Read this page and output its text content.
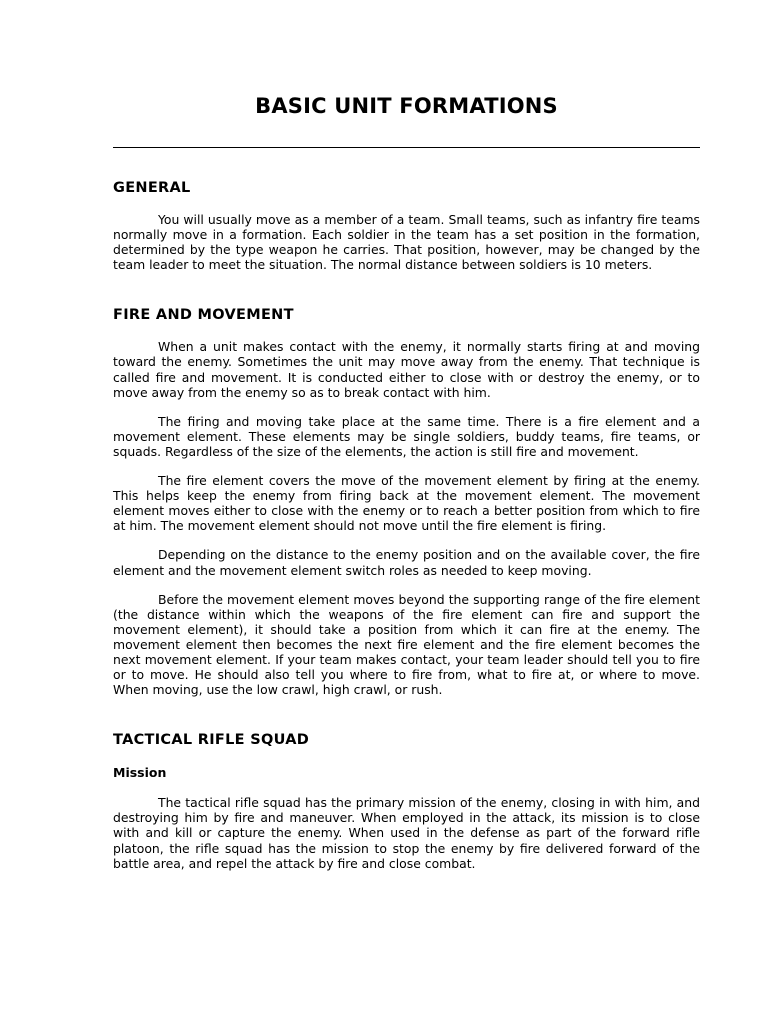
BASIC UNIT FORMATIONS
GENERAL

You will usually move as a member of a team. Small teams, such as infantry fire teams normally move in a formation. Each soldier in the team has a set position in the formation, determined by the type weapon he carries. That position, however, may be changed by the team leader to meet the situation. The normal distance between soldiers is 10 meters.

FIRE AND MOVEMENT

When a unit makes contact with the enemy, it normally starts firing at and moving toward the enemy. Sometimes the unit may move away from the enemy. That technique is called fire and movement. It is conducted either to close with or destroy the enemy, or to move away from the enemy so as to break contact with him.

The firing and moving take place at the same time. There is a fire element and a movement element. These elements may be single soldiers, buddy teams, fire teams, or squads. Regardless of the size of the elements, the action is still fire and movement.

The fire element covers the move of the movement element by firing at the enemy. This helps keep the enemy from firing back at the movement element. The movement element moves either to close with the enemy or to reach a better position from which to fire at him. The movement element should not move until the fire element is firing.

Depending on the distance to the enemy position and on the available cover, the fire element and the movement element switch roles as needed to keep moving.

Before the movement element moves beyond the supporting range of the fire element (the distance within which the weapons of the fire element can fire and support the movement element), it should take a position from which it can fire at the enemy. The movement element then becomes the next fire element and the fire element becomes the next movement element. If your team makes contact, your team leader should tell you to fire or to move. He should also tell you where to fire from, what to fire at, or where to move. When moving, use the low crawl, high crawl, or rush.

TACTICAL RIFLE SQUAD
Mission

The tactical rifle squad has the primary mission of the enemy, closing in with him, and destroying him by fire and maneuver. When employed in the attack, its mission is to close with and kill or capture the enemy. When used in the defense as part of the forward rifle platoon, the rifle squad has the mission to stop the enemy by fire delivered forward of the battle area, and repel the attack by fire and close combat.
